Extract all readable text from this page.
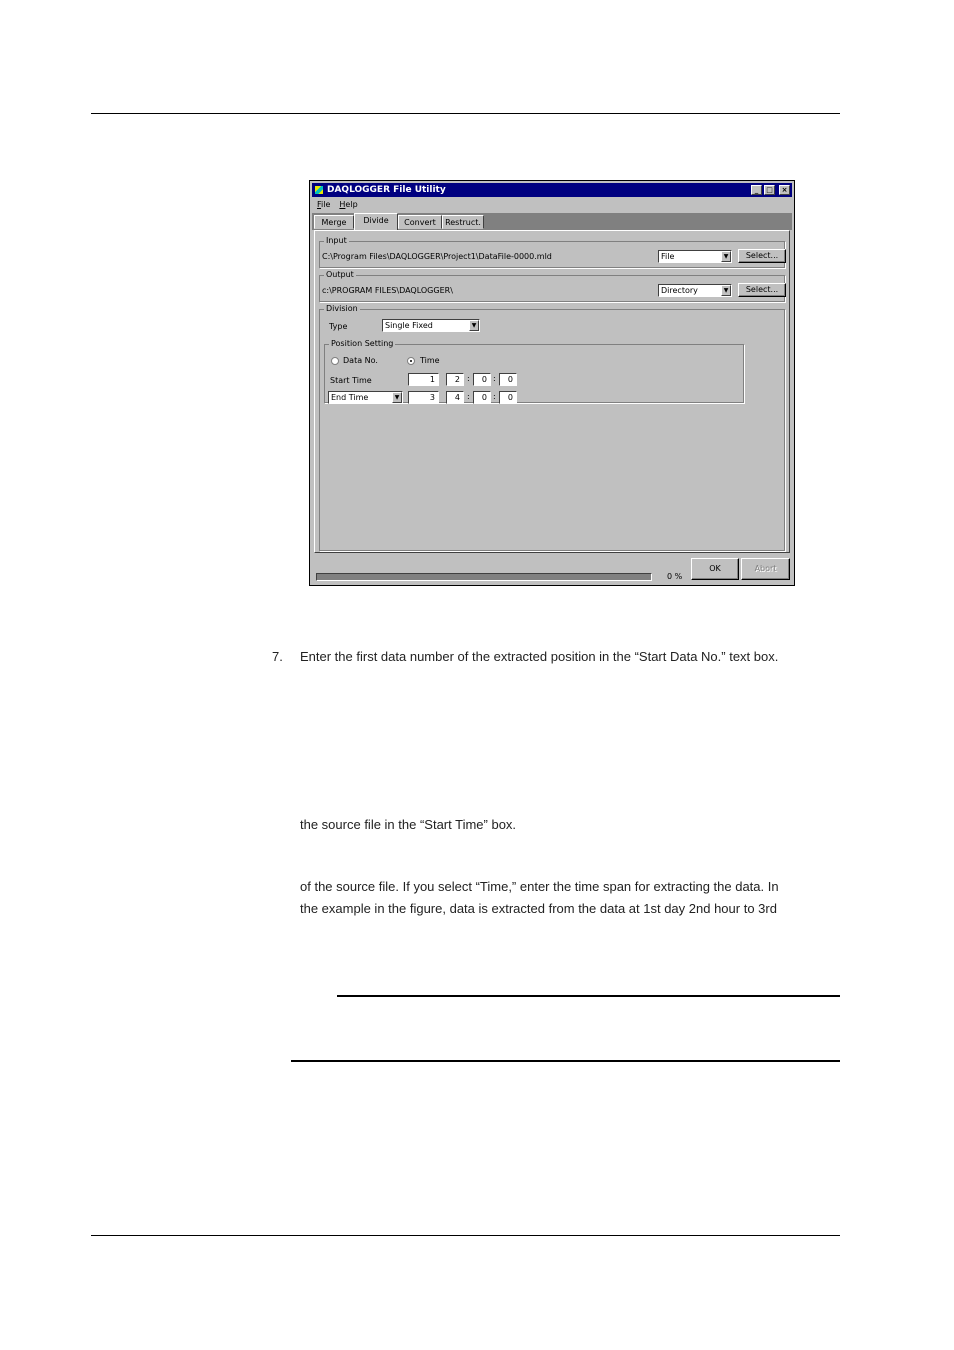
DAQLOGGER File Utility	_	□	×
File Help
Merge	Divide	Convert	Restruct.
Input
C:\Program Files\DAQLOGGER\Project1\DataFile-0000.mld	File	▼	Select...
Output
c:\PROGRAM FILES\DAQLOGGER\	Directory	▼	Select...
Division
Type	Single Fixed	▼
Position Setting
Data No.	Time
Start Time	1	2 :	0 :	0
End Time	▼	3	4 :	0 :	0
0 %
OK	Abort
7. Enter the first data number of the extracted position in the “Start Data No.” text box.
the source file in the “Start Time” box.
of the source file. If you select “Time,” enter the time span for extracting the data. In
the example in the figure, data is extracted from the data at 1st day 2nd hour to 3rd
